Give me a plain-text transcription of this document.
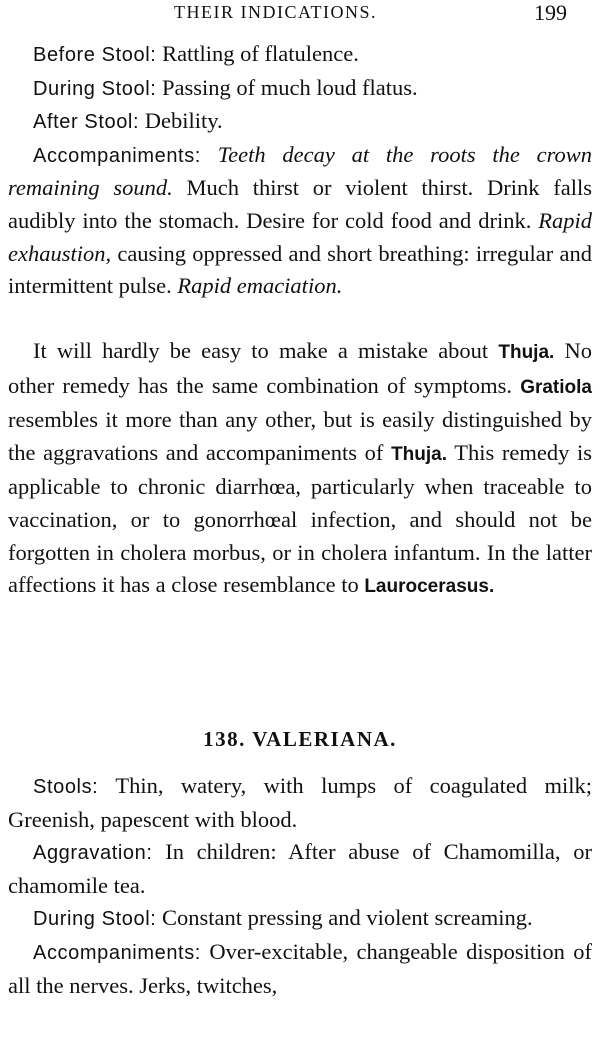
THEIR INDICATIONS.	199

Before Stool: Rattling of flatulence.

During Stool: Passing of much loud flatus.

After Stool: Debility.

Accompaniments: Teeth decay at the roots the crown remaining sound. Much thirst or violent thirst. Drink falls audibly into the stomach. Desire for cold food and drink. Rapid exhaustion, causing oppressed and short breathing: irregular and intermittent pulse. Rapid emaciation.

It will hardly be easy to make a mistake about Thuja. No other remedy has the same combination of symptoms. Gratiola resembles it more than any other, but is easily distinguished by the aggravations and accompaniments of Thuja. This remedy is applicable to chronic diarrhœa, particularly when traceable to vaccination, or to gonorrhœal infection, and should not be forgotten in cholera morbus, or in cholera infantum. In the latter affections it has a close resemblance to Laurocerasus.

138. VALERIANA.

Stools: Thin, watery, with lumps of coagulated milk; Greenish, papescent with blood.

Aggravation: In children: After abuse of Chamomilla, or chamomile tea.

During Stool: Constant pressing and violent screaming.

Accompaniments: Over-excitable, changeable disposition of all the nerves. Jerks, twitches,
